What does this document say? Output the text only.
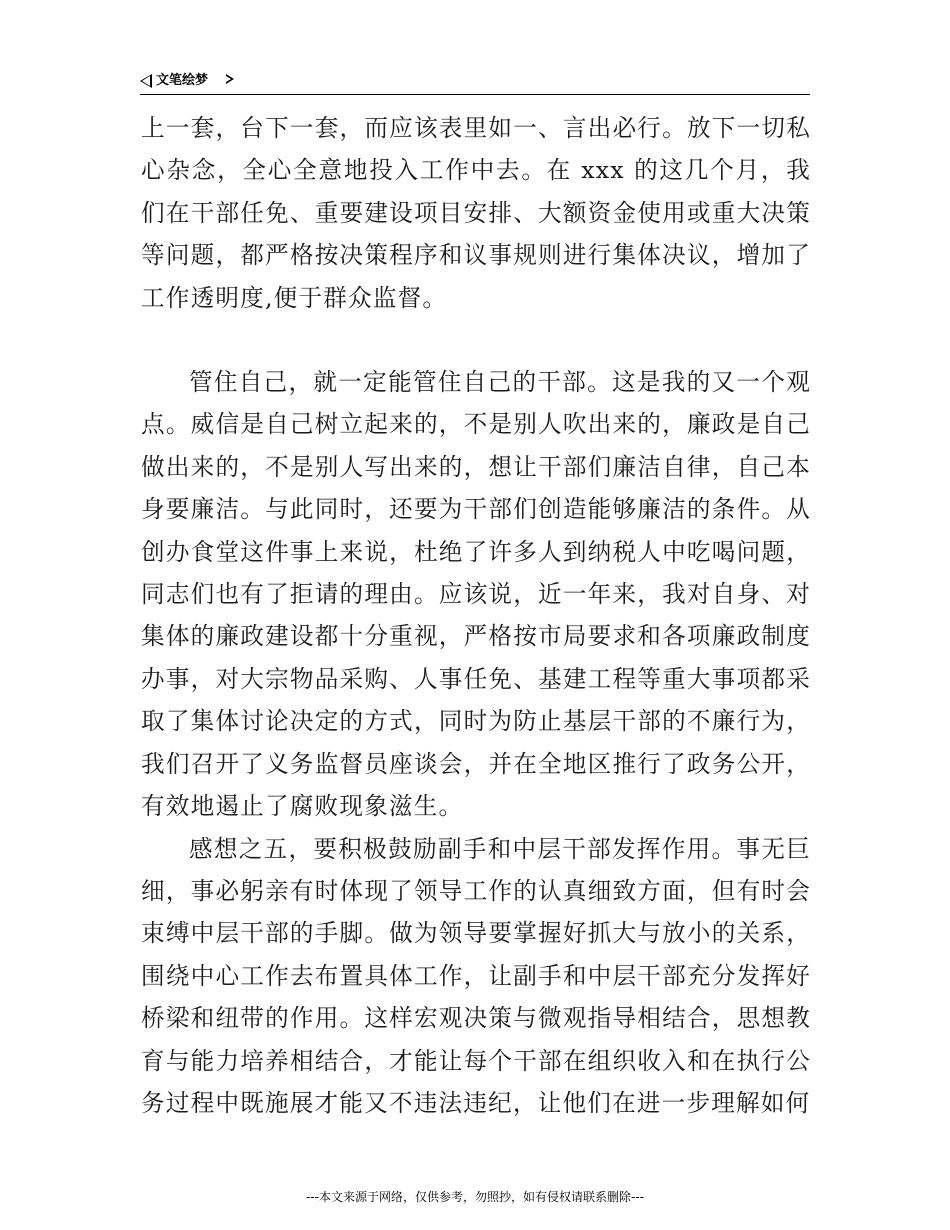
文笔绘梦

上一套，台下一套，而应该表里如一、言出必行。放下一切私心杂念，全心全意地投入工作中去。在 xxx 的这几个月，我们在干部任免、重要建设项目安排、大额资金使用或重大决策等问题，都严格按决策程序和议事规则进行集体决议，增加了工作透明度,便于群众监督。

管住自己，就一定能管住自己的干部。这是我的又一个观点。威信是自己树立起来的，不是别人吹出来的，廉政是自己做出来的，不是别人写出来的，想让干部们廉洁自律，自己本身要廉洁。与此同时，还要为干部们创造能够廉洁的条件。从创办食堂这件事上来说，杜绝了许多人到纳税人中吃喝问题，同志们也有了拒请的理由。应该说，近一年来，我对自身、对集体的廉政建设都十分重视，严格按市局要求和各项廉政制度办事，对大宗物品采购、人事任免、基建工程等重大事项都采取了集体讨论决定的方式，同时为防止基层干部的不廉行为，我们召开了义务监督员座谈会，并在全地区推行了政务公开，有效地遏止了腐败现象滋生。

感想之五，要积极鼓励副手和中层干部发挥作用。事无巨细，事必躬亲有时体现了领导工作的认真细致方面，但有时会束缚中层干部的手脚。做为领导要掌握好抓大与放小的关系，围绕中心工作去布置具体工作，让副手和中层干部充分发挥好桥梁和纽带的作用。这样宏观决策与微观指导相结合，思想教育与能力培养相结合，才能让每个干部在组织收入和在执行公务过程中既施展才能又不违法违纪，让他们在进一步理解如何

---本文来源于网络，仅供参考，勿照抄，如有侵权请联系删除---
